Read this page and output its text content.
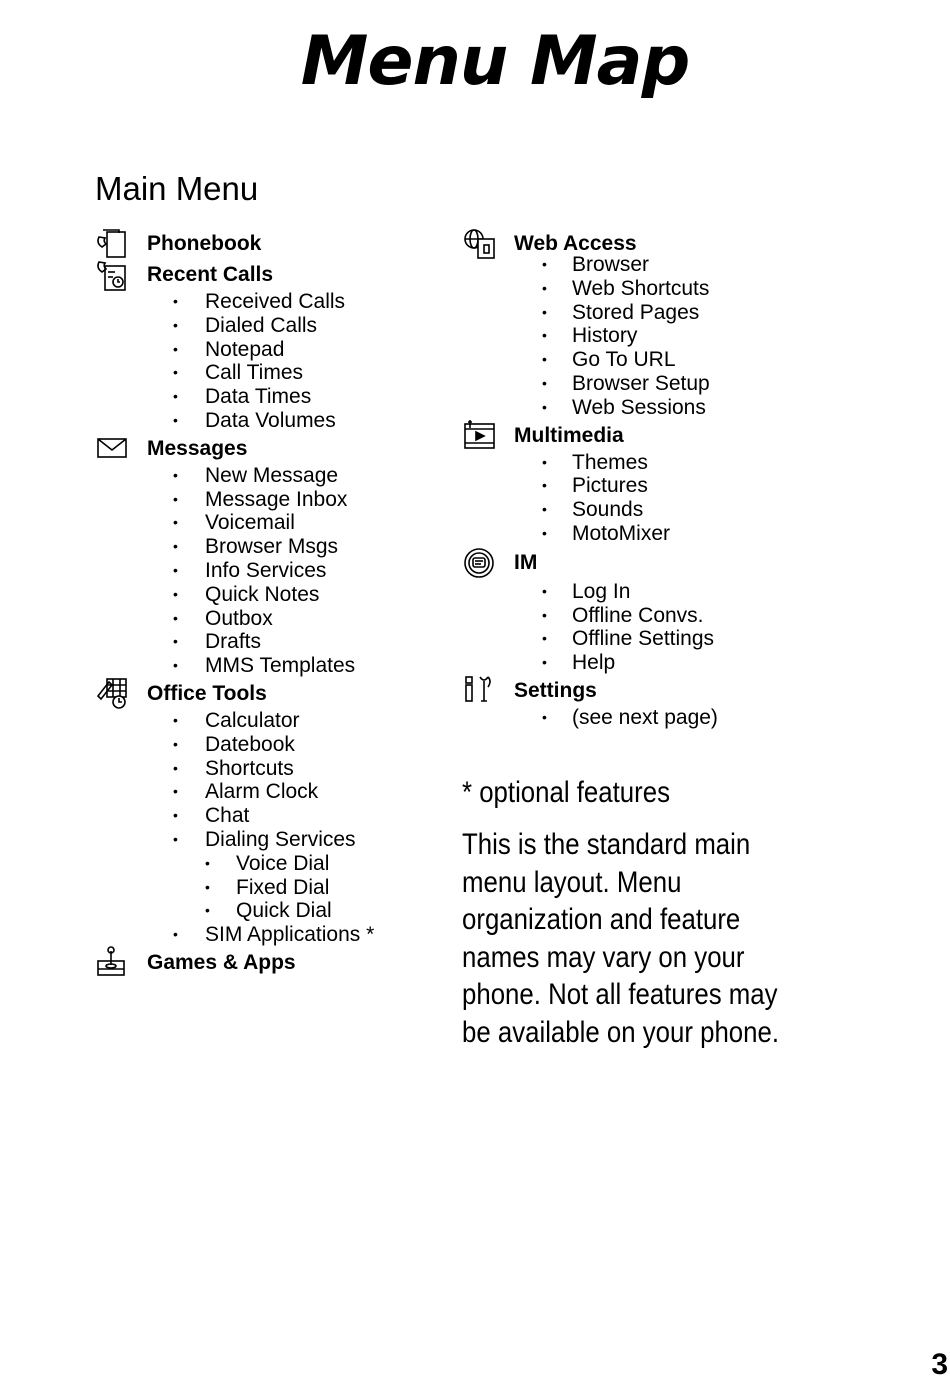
Menu Map
Main Menu
Phonebook
Recent Calls
• Received Calls
• Dialed Calls
• Notepad
• Call Times
• Data Times
• Data Volumes
Messages
• New Message
• Message Inbox
• Voicemail
• Browser Msgs
• Info Services
• Quick Notes
• Outbox
• Drafts
• MMS Templates
Office Tools
• Calculator
• Datebook
• Shortcuts
• Alarm Clock
• Chat
• Dialing Services
• Voice Dial
• Fixed Dial
• Quick Dial
• SIM Applications *
Games & Apps
Web Access
• Browser
• Web Shortcuts
• Stored Pages
• History
• Go To URL
• Browser Setup
• Web Sessions
Multimedia
• Themes
• Pictures
• Sounds
• MotoMixer
IM
• Log In
• Offline Convs.
• Offline Settings
• Help
Settings
• (see next page)
* optional features
This is the standard main menu layout. Menu organization and feature names may vary on your phone. Not all features may be available on your phone.
3
